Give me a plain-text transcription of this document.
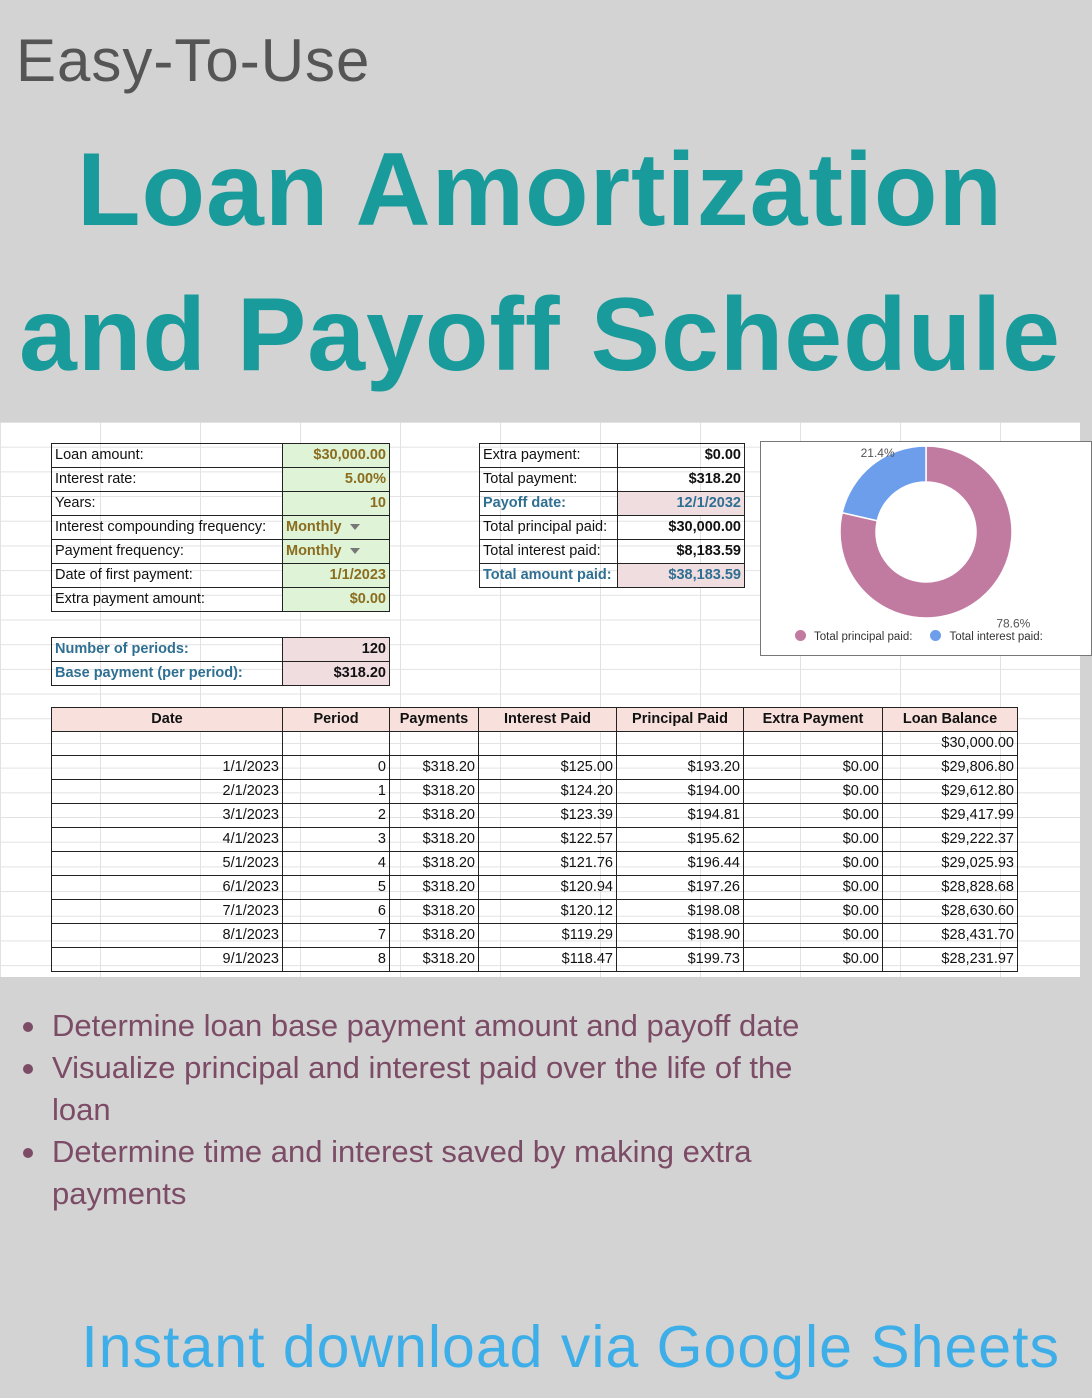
Easy-To-Use
Loan Amortization
and Payoff Schedule
Loan amount:	$30,000.00
Interest rate:	5.00%
Years:	10
Interest compounding frequency:	Monthly
Payment frequency:	Monthly
Date of first payment:	1/1/2023
Extra payment amount:	$0.00
Number of periods:	120
Base payment (per period):	$318.20
Extra payment:	$0.00
Total payment:	$318.20
Payoff date:	12/1/2032
Total principal paid:	$30,000.00
Total interest paid:	$8,183.59
Total amount paid:	$38,183.59
78.6%
21.4%
Total principal paid:	Total interest paid:
Date	Period	Payments	Interest Paid	Principal Paid	Extra Payment	Loan Balance
						$30,000.00
1/1/2023	0	$318.20	$125.00	$193.20	$0.00	$29,806.80
2/1/2023	1	$318.20	$124.20	$194.00	$0.00	$29,612.80
3/1/2023	2	$318.20	$123.39	$194.81	$0.00	$29,417.99
4/1/2023	3	$318.20	$122.57	$195.62	$0.00	$29,222.37
5/1/2023	4	$318.20	$121.76	$196.44	$0.00	$29,025.93
6/1/2023	5	$318.20	$120.94	$197.26	$0.00	$28,828.68
7/1/2023	6	$318.20	$120.12	$198.08	$0.00	$28,630.60
8/1/2023	7	$318.20	$119.29	$198.90	$0.00	$28,431.70
9/1/2023	8	$318.20	$118.47	$199.73	$0.00	$28,231.97
Determine loan base payment amount and payoff date
Visualize principal and interest paid over the life of the loan
Determine time and interest saved by making extra payments
Instant download via Google Sheets
